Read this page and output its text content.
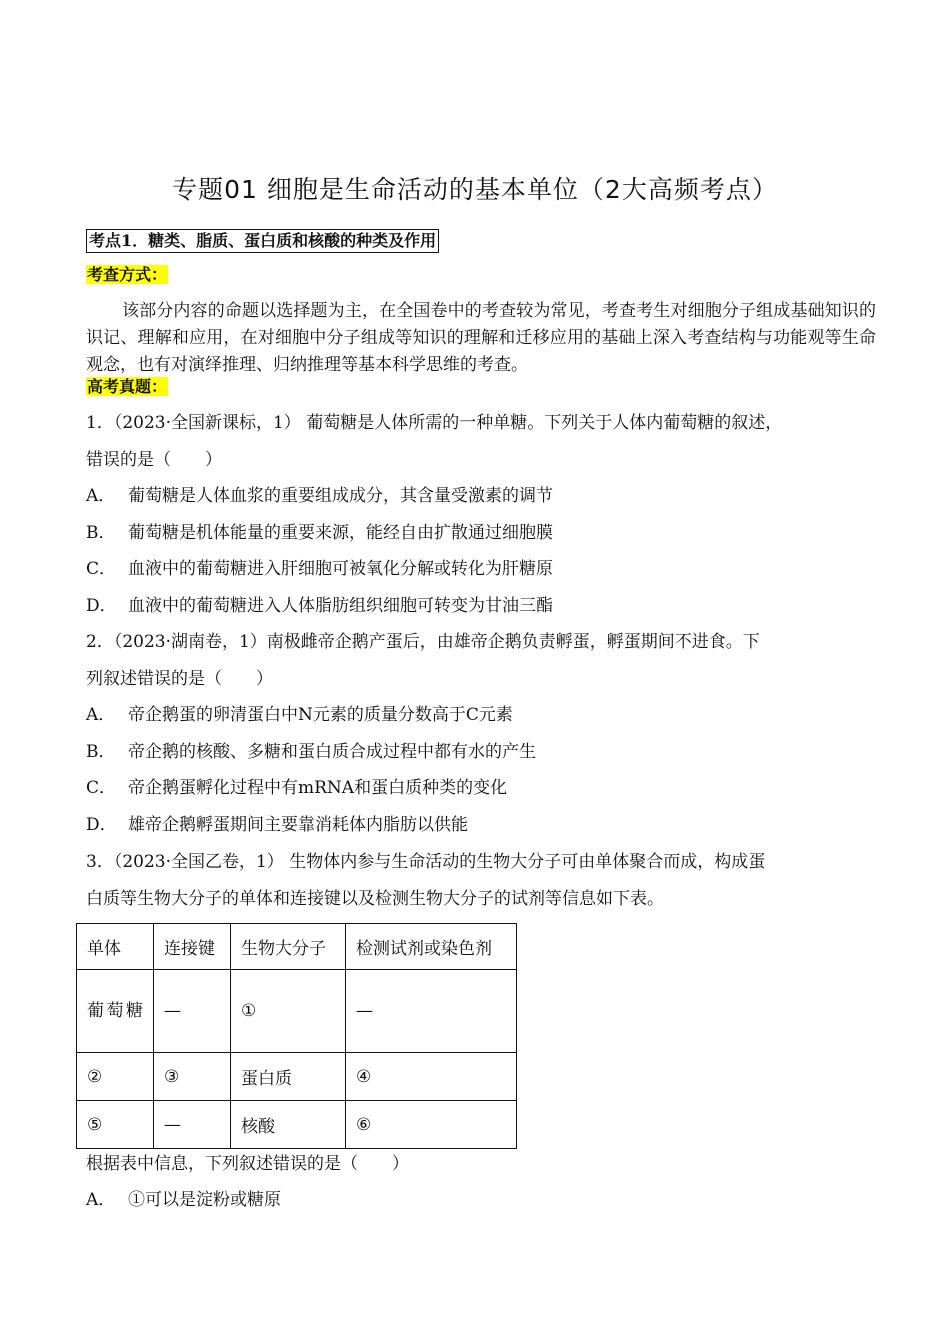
专题01 细胞是生命活动的基本单位（2大高频考点）
考点1．糖类、脂质、蛋白质和核酸的种类及作用
考查方式：
该部分内容的命题以选择题为主，在全国卷中的考查较为常见，考查考生对细胞分子组成基础知识的识记、理解和应用，在对细胞中分子组成等知识的理解和迁移应用的基础上深入考查结构与功能观等生命观念，也有对演绎推理、归纳推理等基本科学思维的考查。
高考真题：
1．（2023·全国新课标，1） 葡萄糖是人体所需的一种单糖。下列关于人体内葡萄糖的叙述，
错误的是（　　）
A． 葡萄糖是人体血浆的重要组成成分，其含量受激素的调节
B． 葡萄糖是机体能量的重要来源，能经自由扩散通过细胞膜
C． 血液中的葡萄糖进入肝细胞可被氧化分解或转化为肝糖原
D． 血液中的葡萄糖进入人体脂肪组织细胞可转变为甘油三酯
2．（2023·湖南卷，1）南极雌帝企鹅产蛋后，由雄帝企鹅负责孵蛋，孵蛋期间不进食。下
列叙述错误的是（　　）
A． 帝企鹅蛋的卵清蛋白中N元素的质量分数高于C元素
B． 帝企鹅的核酸、多糖和蛋白质合成过程中都有水的产生
C． 帝企鹅蛋孵化过程中有mRNA和蛋白质种类的变化
D． 雄帝企鹅孵蛋期间主要靠消耗体内脂肪以供能
3．（2023·全国乙卷，1） 生物体内参与生命活动的生物大分子可由单体聚合而成，构成蛋
白质等生物大分子的单体和连接键以及检测生物大分子的试剂等信息如下表。
单体	连接键	生物大分子	检测试剂或染色剂

葡萄糖	—	①	—
②	③	蛋白质	④
⑤	—	核酸	⑥
根据表中信息，下列叙述错误的是（　　）
A． ①可以是淀粉或糖原
